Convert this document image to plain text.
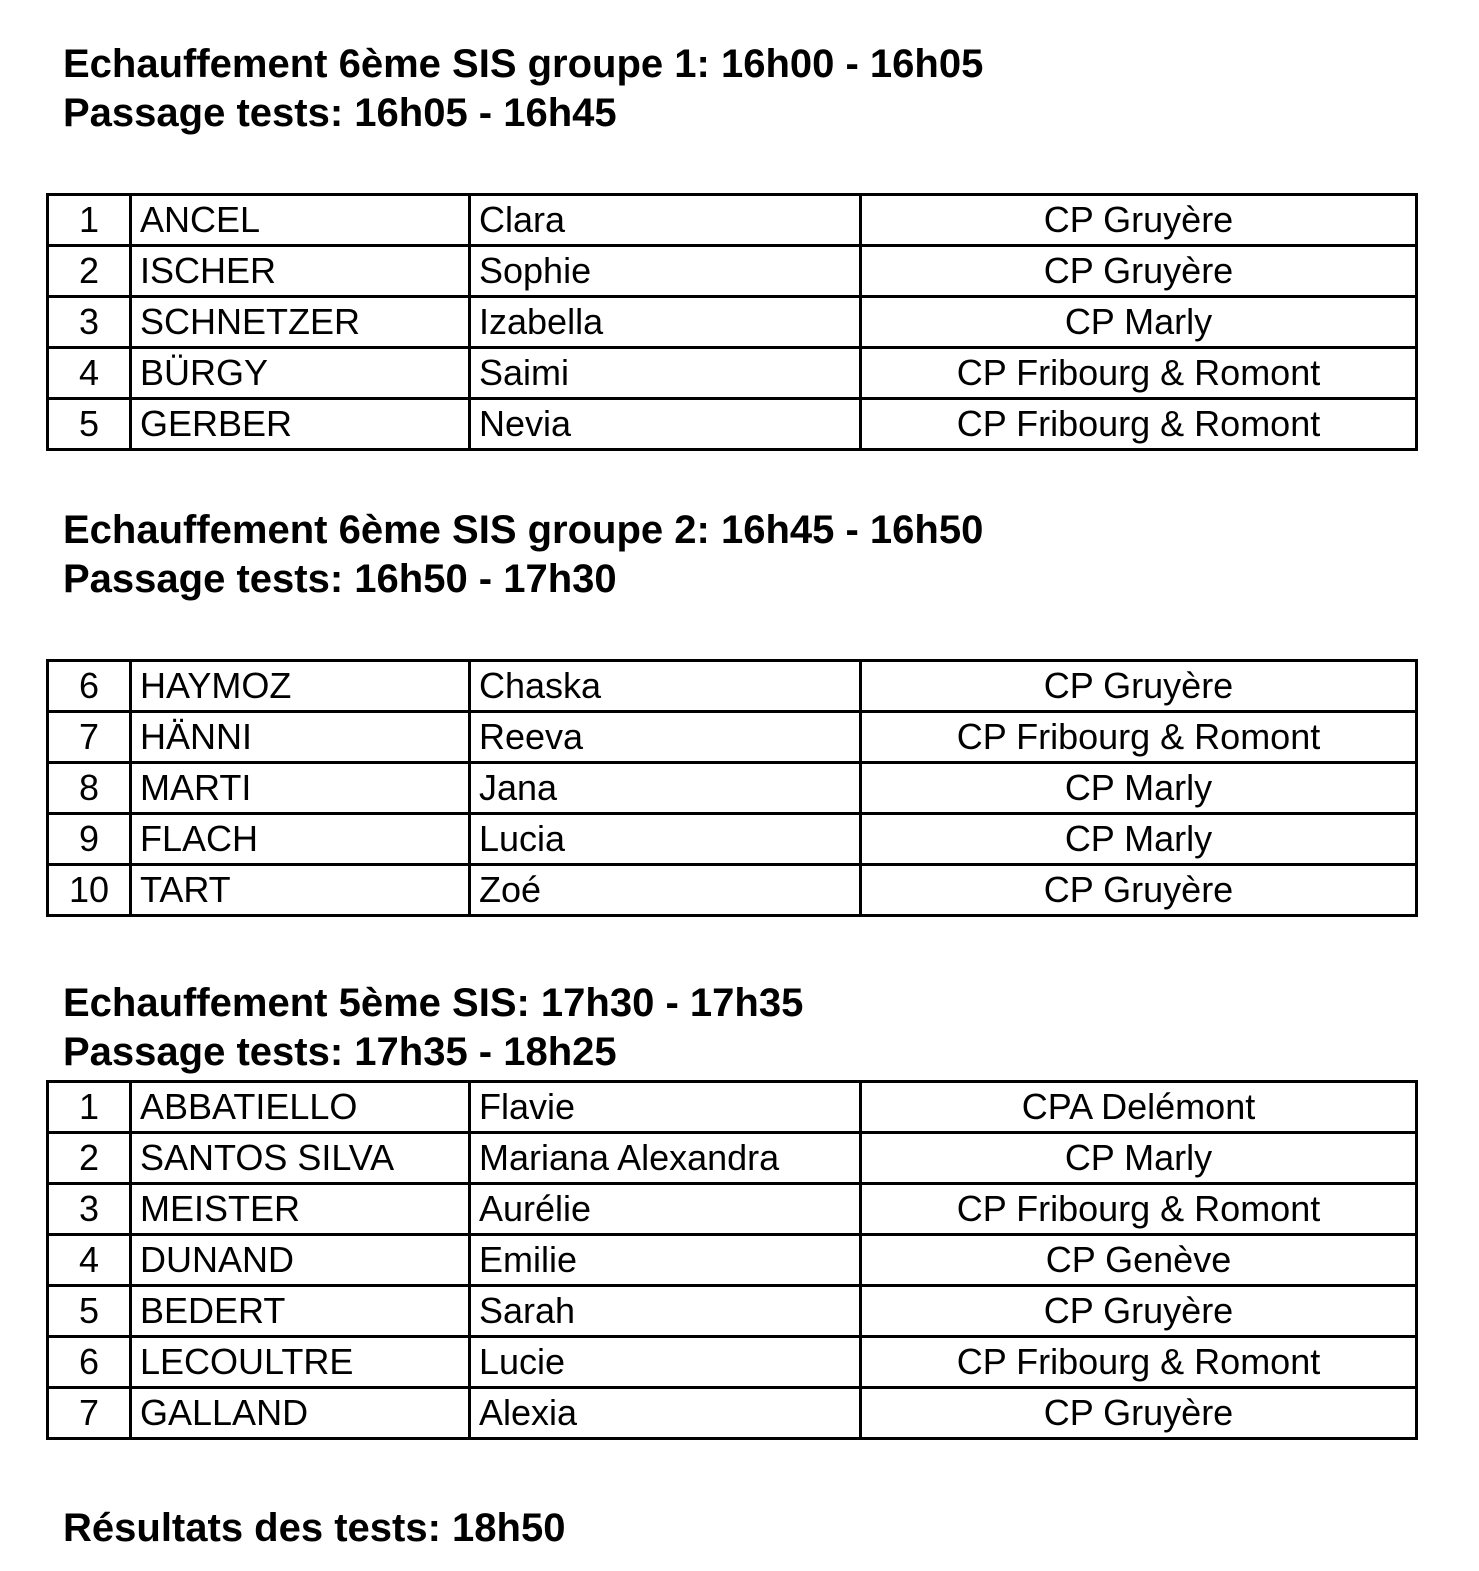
Echauffement 6ème SIS groupe 1: 16h00 - 16h05
Passage tests: 16h05 - 16h45
1	ANCEL	Clara	CP Gruyère
2	ISCHER	Sophie	CP Gruyère
3	SCHNETZER	Izabella	CP Marly
4	BÜRGY	Saimi	CP Fribourg & Romont
5	GERBER	Nevia	CP Fribourg & Romont
Echauffement 6ème SIS groupe 2: 16h45 - 16h50
Passage tests: 16h50 - 17h30
6	HAYMOZ	Chaska	CP Gruyère
7	HÄNNI	Reeva	CP Fribourg & Romont
8	MARTI	Jana	CP Marly
9	FLACH	Lucia	CP Marly
10	TART	Zoé	CP Gruyère
Echauffement 5ème SIS: 17h30 - 17h35
Passage tests: 17h35 - 18h25
1	ABBATIELLO	Flavie	CPA Delémont
2	SANTOS SILVA	Mariana Alexandra	CP Marly
3	MEISTER	Aurélie	CP Fribourg & Romont
4	DUNAND	Emilie	CP Genève
5	BEDERT	Sarah	CP Gruyère
6	LECOULTRE	Lucie	CP Fribourg & Romont
7	GALLAND	Alexia	CP Gruyère
Résultats des tests: 18h50
